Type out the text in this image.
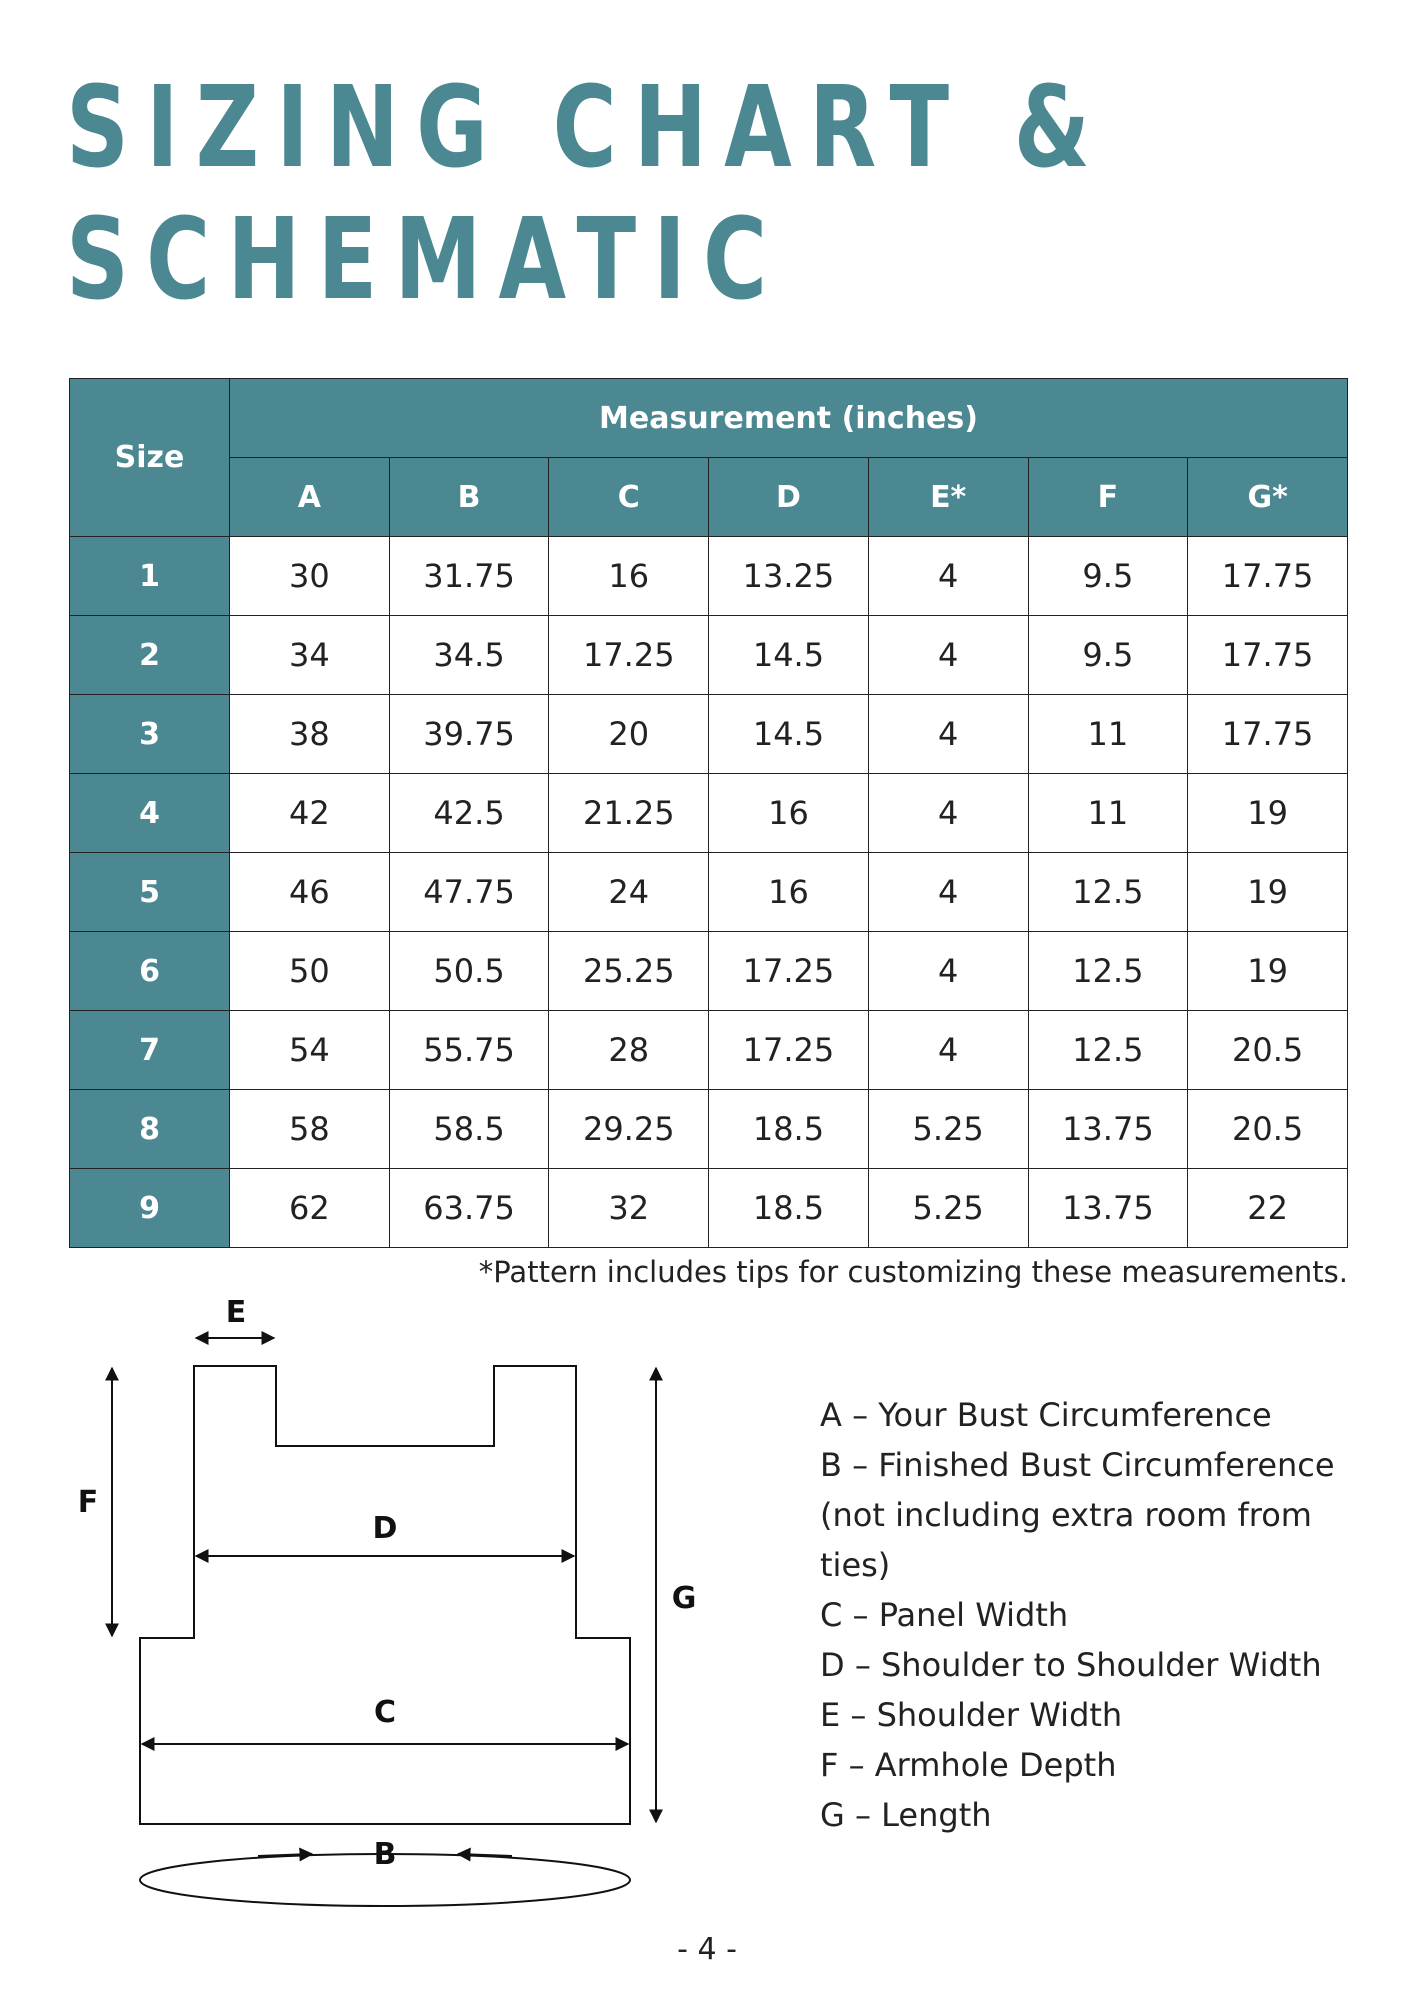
SIZING CHART &
SCHEMATIC
Size	Measurement (inches)						
	A	B	C	D	E*	F	G*
1	30	31.75	16	13.25	4	9.5	17.75
2	34	34.5	17.25	14.5	4	9.5	17.75
3	38	39.75	20	14.5	4	11	17.75
4	42	42.5	21.25	16	4	11	19
5	46	47.75	24	16	4	12.5	19
6	50	50.5	25.25	17.25	4	12.5	19
7	54	55.75	28	17.25	4	12.5	20.5
8	58	58.5	29.25	18.5	5.25	13.75	20.5
9	62	63.75	32	18.5	5.25	13.75	22
*Pattern includes tips for customizing these measurements.
E
F
D
G
C
B
A – Your Bust Circumference
B – Finished Bust Circumference
(not including extra room from
ties)
C – Panel Width
D – Shoulder to Shoulder Width
E – Shoulder Width
F – Armhole Depth
G – Length
- 4 -
